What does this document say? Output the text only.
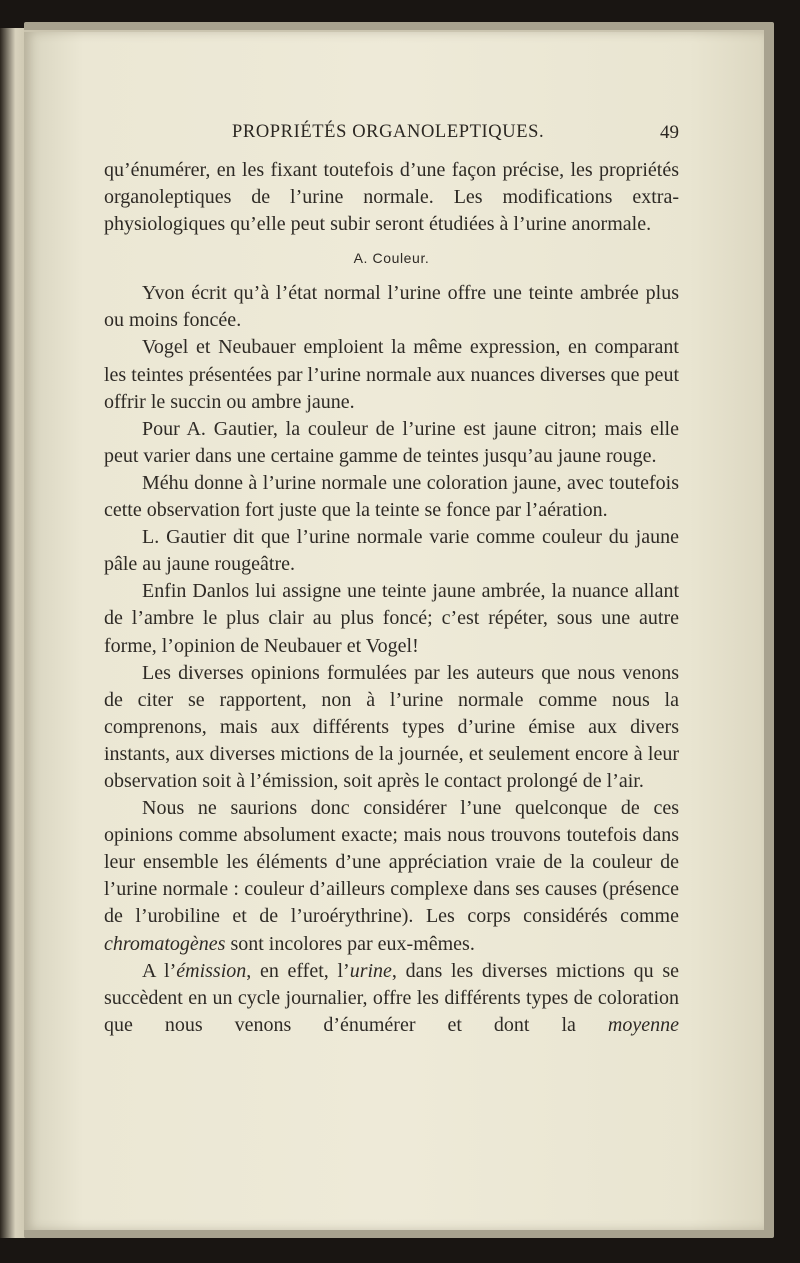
PROPRIÉTÉS ORGANOLEPTIQUES.	49

qu’énumérer, en les fixant toutefois d’une façon précise, les propriétés organoleptiques de l’urine normale. Les modifications extra-physiologiques qu’elle peut subir seront étudiées à l’urine anormale.

A. Couleur.

Yvon écrit qu’à l’état normal l’urine offre une teinte ambrée plus ou moins foncée.

Vogel et Neubauer emploient la même expression, en comparant les teintes présentées par l’urine normale aux nuances diverses que peut offrir le succin ou ambre jaune.

Pour A. Gautier, la couleur de l’urine est jaune citron; mais elle peut varier dans une certaine gamme de teintes jusqu’au jaune rouge.

Méhu donne à l’urine normale une coloration jaune, avec toutefois cette observation fort juste que la teinte se fonce par l’aération.

L. Gautier dit que l’urine normale varie comme couleur du jaune pâle au jaune rougeâtre.

Enfin Danlos lui assigne une teinte jaune ambrée, la nuance allant de l’ambre le plus clair au plus foncé; c’est répéter, sous une autre forme, l’opinion de Neubauer et Vogel!

Les diverses opinions formulées par les auteurs que nous venons de citer se rapportent, non à l’urine normale comme nous la comprenons, mais aux différents types d’urine émise aux divers instants, aux diverses mictions de la journée, et seulement encore à leur observation soit à l’émission, soit après le contact prolongé de l’air.

Nous ne saurions donc considérer l’une quelconque de ces opinions comme absolument exacte; mais nous trouvons toutefois dans leur ensemble les éléments d’une appréciation vraie de la couleur de l’urine normale : couleur d’ailleurs complexe dans ses causes (présence de l’urobiline et de l’uroérythrine). Les corps considérés comme chromatogènes sont incolores par eux-mêmes.

A l’émission, en effet, l’urine, dans les diverses mictions qu se succèdent en un cycle journalier, offre les différents types de coloration que nous venons d’énumérer et dont la moyenne
